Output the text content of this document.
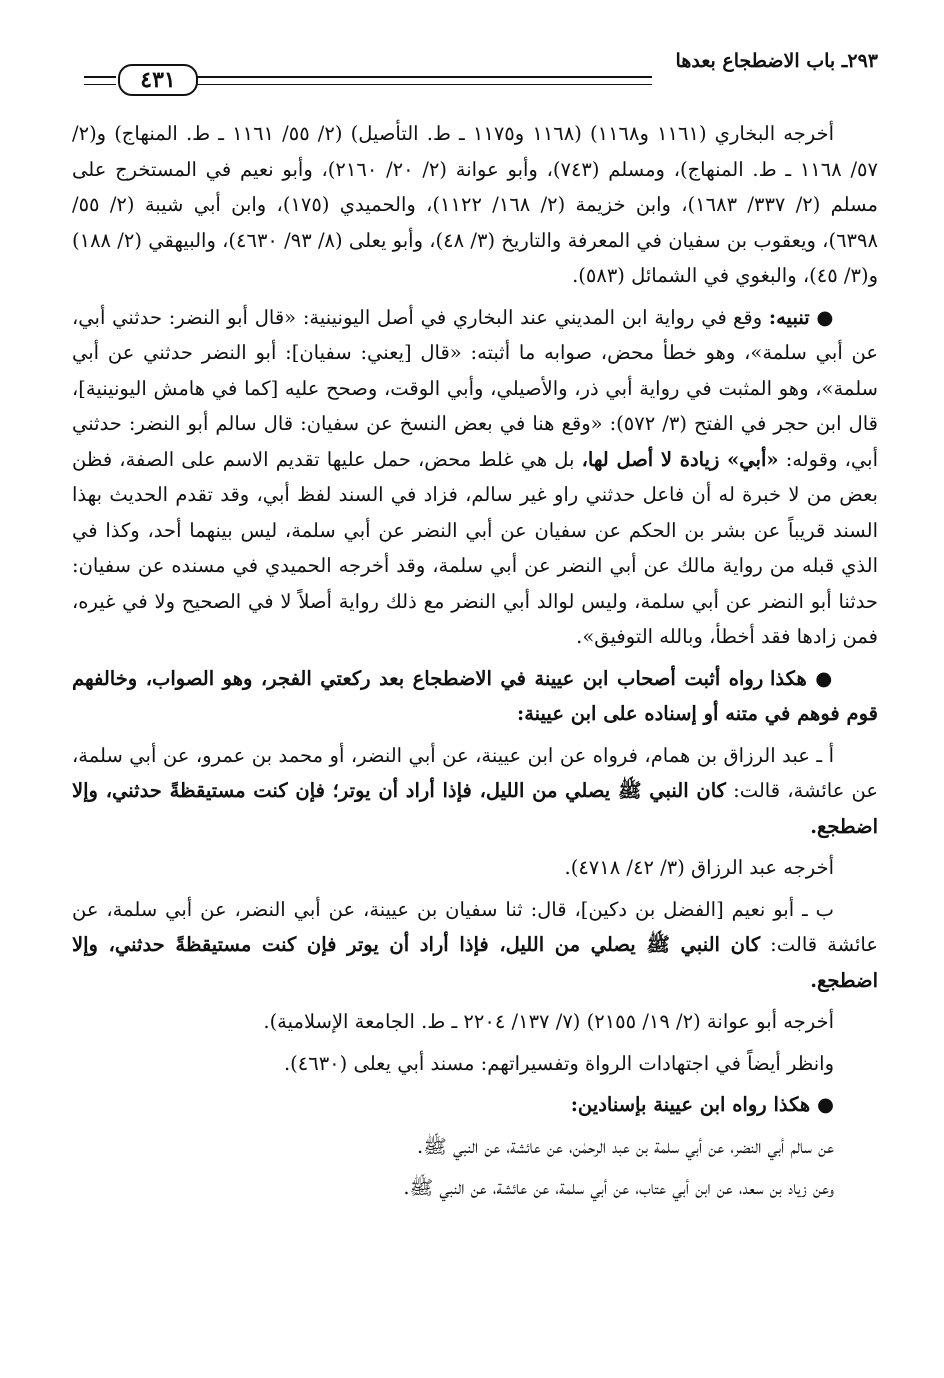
٢٩٣ـ باب الاضطجاع بعدها
٤٣١

أخرجه البخاري (١١٦١ و١١٦٨) (١١٦٨ و١١٧٥ ـ ط. التأصيل) (٢/ ٥٥/ ١١٦١ ـ ط. المنهاج) و(٢/ ٥٧/ ١١٦٨ ـ ط. المنهاج)، ومسلم (٧٤٣)، وأبو عوانة (٢/ ٢٠/ ٢١٦٠)، وأبو نعيم في المستخرج على مسلم (٢/ ٣٣٧/ ١٦٨٣)، وابن خزيمة (٢/ ١٦٨/ ١١٢٢)، والحميدي (١٧٥)، وابن أبي شيبة (٢/ ٥٥/ ٦٣٩٨)، ويعقوب بن سفيان في المعرفة والتاريخ (٣/ ٤٨)، وأبو يعلى (٨/ ٩٣/ ٤٦٣٠)، والبيهقي (٢/ ١٨٨) و(٣/ ٤٥)، والبغوي في الشمائل (٥٨٣).

● تنبيه: وقع في رواية ابن المديني عند البخاري في أصل اليونينية: «قال أبو النضر: حدثني أبي، عن أبي سلمة»، وهو خطأ محض، صوابه ما أثبته: «قال [يعني: سفيان]: أبو النضر حدثني عن أبي سلمة»، وهو المثبت في رواية أبي ذر، والأصيلي، وأبي الوقت، وصحح عليه [كما في هامش اليونينية]، قال ابن حجر في الفتح (٣/ ٥٧٢): «وقع هنا في بعض النسخ عن سفيان: قال سالم أبو النضر: حدثني أبي، وقوله: «أبي» زيادة لا أصل لها، بل هي غلط محض، حمل عليها تقديم الاسم على الصفة، فظن بعض من لا خبرة له أن فاعل حدثني راو غير سالم، فزاد في السند لفظ أبي، وقد تقدم الحديث بهذا السند قريباً عن بشر بن الحكم عن سفيان عن أبي النضر عن أبي سلمة، ليس بينهما أحد، وكذا في الذي قبله من رواية مالك عن أبي النضر عن أبي سلمة، وقد أخرجه الحميدي في مسنده عن سفيان: حدثنا أبو النضر عن أبي سلمة، وليس لوالد أبي النضر مع ذلك رواية أصلاً لا في الصحيح ولا في غيره، فمن زادها فقد أخطأ، وبالله التوفيق».

● هكذا رواه أثبت أصحاب ابن عيينة في الاضطجاع بعد ركعتي الفجر، وهو الصواب، وخالفهم قوم فوهم في متنه أو إسناده على ابن عيينة:

أ ـ عبد الرزاق بن همام، فرواه عن ابن عيينة، عن أبي النضر، أو محمد بن عمرو، عن أبي سلمة، عن عائشة، قالت: كان النبي ﷺ يصلي من الليل، فإذا أراد أن يوتر؛ فإن كنت مستيقظةً حدثني، وإلا اضطجع.

أخرجه عبد الرزاق (٣/ ٤٢/ ٤٧١٨).

ب ـ أبو نعيم [الفضل بن دكين]، قال: ثنا سفيان بن عيينة، عن أبي النضر، عن أبي سلمة، عن عائشة قالت: كان النبي ﷺ يصلي من الليل، فإذا أراد أن يوتر فإن كنت مستيقظةً حدثني، وإلا اضطجع.

أخرجه أبو عوانة (٢/ ١٩/ ٢١٥٥) (٧/ ١٣٧/ ٢٢٠٤ ـ ط. الجامعة الإسلامية).

وانظر أيضاً في اجتهادات الرواة وتفسيراتهم: مسند أبي يعلى (٤٦٣٠).

● هكذا رواه ابن عيينة بإسنادين:

عن سالم أبي النضر، عن أبي سلمة بن عبد الرحمٰن، عن عائشة، عن النبي ﷺ.

وعن زياد بن سعد، عن ابن أبي عتاب، عن أبي سلمة، عن عائشة، عن النبي ﷺ.
